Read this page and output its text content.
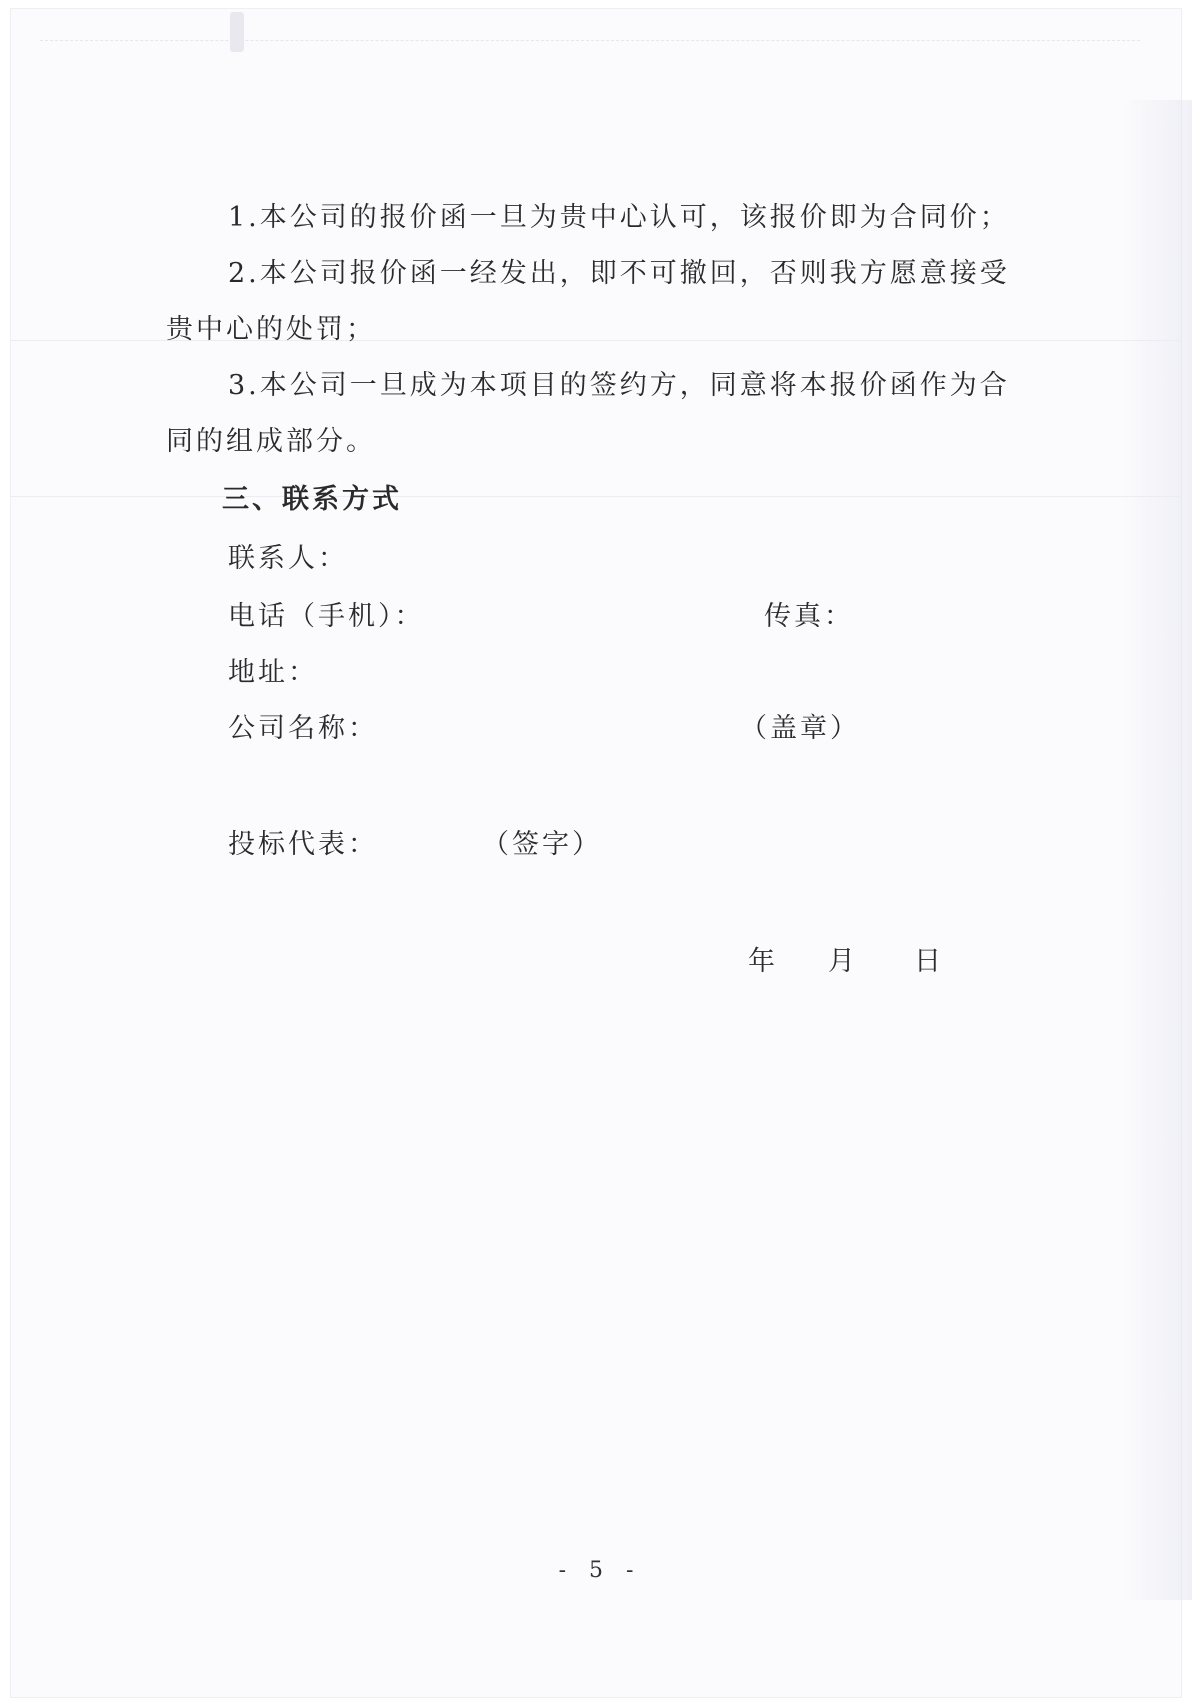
1.本公司的报价函一旦为贵中心认可，该报价即为合同价；
2.本公司报价函一经发出，即不可撤回，否则我方愿意接受
贵中心的处罚；
3.本公司一旦成为本项目的签约方，同意将本报价函作为合
同的组成部分。
三、联系方式
联系人：
电话（手机）：	传真：
地址：
公司名称：	（盖章）
投标代表：	（签字）
年 月 日
- 5 -
